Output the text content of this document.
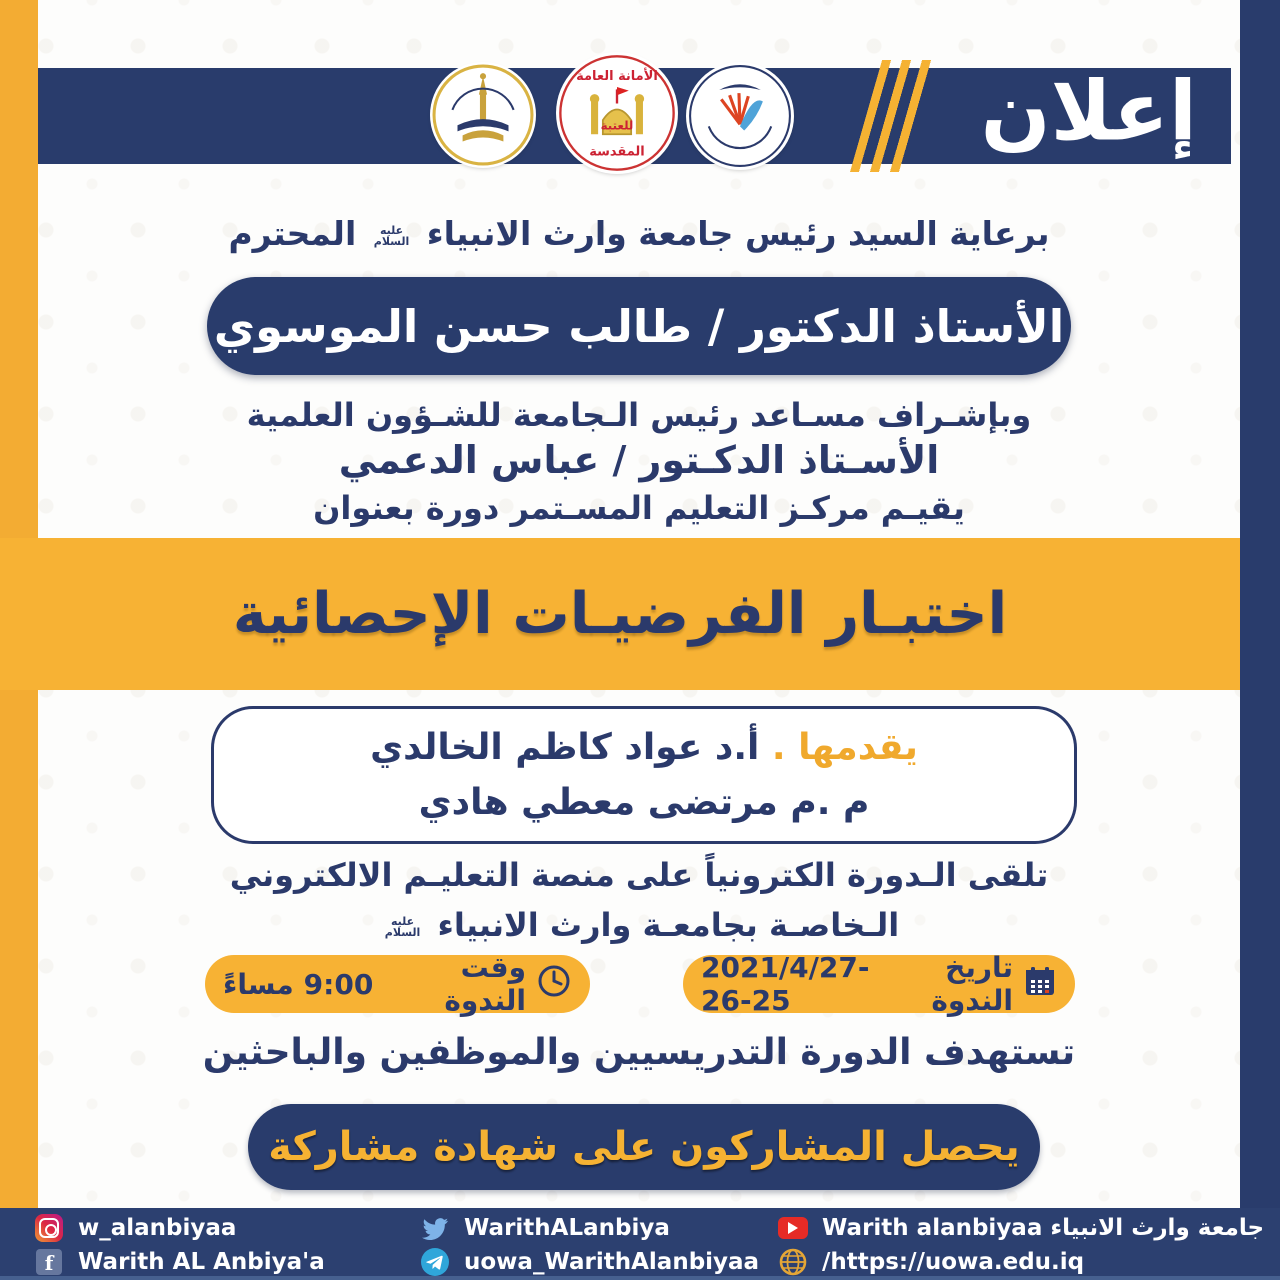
إعلان
الأمانة العامة
للعتبة
المقدسة
برعاية السيد رئيس جامعة وارث الانبياء
عليه
السلام
المحترم
الأستاذ الدكتور / طالب حسن الموسوي
وبإشـراف مسـاعد رئيس الـجامعة للشـؤون العلمية
الأسـتاذ الدكـتور / عباس الدعمي
يقيـم مركـز التعليم المسـتمر دورة بعنوان
اختبـار الفرضيـات الإحصائية
يقدمها . أ.د عواد كاظم الخالدي
م .م مرتضى معطي هادي
تلقى الـدورة الكترونياً على منصة التعليـم الالكتروني
الـخاصـة بجامعـة وارث الانبياء
عليه
السلام
تاريخ الندوة
2021/4/27-26-25
وقت الندوة
9:00
مساءً
تستهدف الدورة التدريسيين والموظفين والباحثين
يحصل المشاركون على شهادة مشاركة
w_alanbiyaa
f	Warith AL Anbiya'a
WarithALanbiya
uowa_WarithAlanbiyaa
Warith alanbiyaa جامعة وارث الانبياء
/https://uowa.edu.iq
